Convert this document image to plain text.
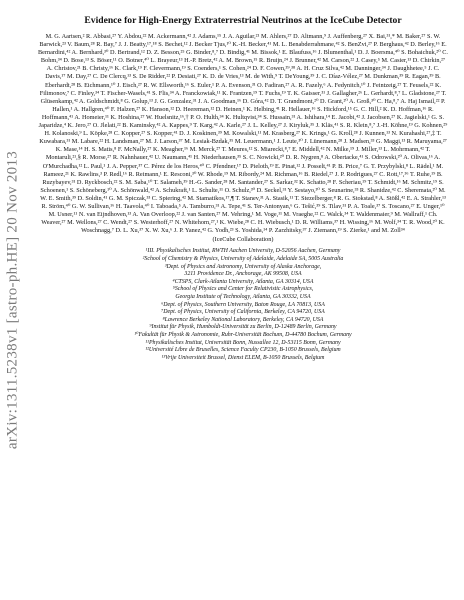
arXiv:1311.5238v1 [astro-ph.HE] 20 Nov 2013
Evidence for High-Energy Extraterrestrial Neutrinos at the IceCube Detector

M. G. Aartsen,² R. Abbasi,²⁷ Y. Abdou,²² M. Ackermann,⁴² J. Adams,¹⁵ J. A. Aguilar,²¹ M. Ahlers,²⁷ D. Altmann,⁹ J. Auffenberg,²⁷ X. Bai,³¹,* M. Baker,²⁷ S. W. Barwick,²³ V. Baum,²⁸ R. Bay,⁷ J. J. Beatty,¹⁷,¹⁸ S. Bechet,¹² J. Becker Tjus,¹⁰ K.-H. Becker,⁴¹ M. L. Benabderrahmane,⁴² S. BenZvi,²⁷ P. Berghaus,⁴² D. Berley,¹⁶ E. Bernardini,⁴² A. Bernhard,³⁰ D. Bertrand,¹² D. Z. Besson,²⁵ G. Binder,⁸,⁷ D. Bindig,⁴¹ M. Bissok,¹ E. Blaufuss,¹⁶ J. Blumenthal,¹ D. J. Boersma,⁴⁰ S. Bohaichuk,²⁰ C. Bohm,³⁴ D. Bose,¹³ S. Böser,¹¹ O. Botner,⁴⁰ L. Brayeur,¹³ H.-P. Bretz,⁴² A. M. Brown,¹⁵ R. Bruijn,²⁴ J. Brunner,⁴² M. Carson,²² J. Casey,⁵ M. Casier,¹³ D. Chirkin,²⁷ A. Christov,²¹ B. Christy,¹⁶ K. Clark,¹⁹ F. Clevermann,¹⁹ S. Coenders,¹ S. Cohen,²⁴ D. F. Cowen,³⁹,³⁸ A. H. Cruz Silva,⁴² M. Danninger,³⁴ J. Daughhetee,⁵ J. C. Davis,¹⁷ M. Day,²⁷ C. De Clercq,¹³ S. De Ridder,²² P. Desiati,²⁷ K. D. de Vries,¹³ M. de With,⁹ T. DeYoung,³⁹ J. C. Díaz-Vélez,²⁷ M. Dunkman,³⁹ R. Eagan,³⁹ B. Eberhardt,²⁸ B. Eichmann,¹⁰ J. Eisch,²⁷ R. W. Ellsworth,¹⁶ S. Euler,¹ P. A. Evenson,³¹ O. Fadiran,²⁷ A. R. Fazely,⁶ A. Fedynitch,¹⁰ J. Feintzeig,²⁷ T. Feusels,²² K. Filimonov,⁷ C. Finley,³⁴ T. Fischer-Wasels,⁴¹ S. Flis,³⁴ A. Franckowiak,¹¹ K. Frantzen,¹⁹ T. Fuchs,¹⁹ T. K. Gaisser,³¹ J. Gallagher,²⁶ L. Gerhardt,⁸,⁷ L. Gladstone,²⁷ T. Glüsenkamp,⁴² A. Goldschmidt,⁸ G. Golup,¹³ J. G. Gonzalez,³¹ J. A. Goodman,¹⁶ D. Góra,⁴² D. T. Grandmont,²⁰ D. Grant,²⁰ A. Groß,³⁰ C. Ha,⁸,⁷ A. Haj Ismail,²² P. Hallen,¹ A. Hallgren,⁴⁰ F. Halzen,²⁷ K. Hanson,¹² D. Heereman,¹² D. Heinen,¹ K. Helbing,⁴¹ R. Hellauer,¹⁶ S. Hickford,¹⁵ G. C. Hill,² K. D. Hoffman,¹⁶ R. Hoffmann,⁴¹ A. Homeier,¹¹ K. Hoshina,²⁷ W. Huelsnitz,¹⁶,† P. O. Hulth,³⁴ K. Hultqvist,³⁴ S. Hussain,³¹ A. Ishihara,¹⁴ E. Jacobi,⁴² J. Jacobsen,²⁷ K. Jagielski,¹ G. S. Japaridze,⁴ K. Jero,²⁷ O. Jlelati,²² B. Kaminsky,⁴² A. Kappes,⁹ T. Karg,⁴² A. Karle,²⁷ J. L. Kelley,²⁷ J. Kiryluk,³⁵ J. Kläs,⁴¹ S. R. Klein,⁸,⁷ J.-H. Köhne,¹⁹ G. Kohnen,²⁹ H. Kolanoski,⁹ L. Köpke,²⁸ C. Kopper,²⁷ S. Kopper,⁴¹ D. J. Koskinen,³⁹ M. Kowalski,¹¹ M. Krasberg,²⁷ K. Krings,¹ G. Kroll,²⁸ J. Kunnen,¹³ N. Kurahashi,²⁷,‡ T. Kuwabara,³¹ M. Labare,²² H. Landsman,²⁷ M. J. Larson,³⁷ M. Lesiak-Bzdak,³⁵ M. Leuermann,¹ J. Leute,³⁰ J. Lünemann,²⁸ J. Madsen,³³ G. Maggi,¹³ R. Maruyama,²⁷ K. Mase,¹⁴ H. S. Matis,⁸ F. McNally,²⁷ K. Meagher,¹⁶ M. Merck,²⁷ T. Meures,¹² S. Miarecki,⁸,⁷ E. Middell,⁴² N. Milke,¹⁹ J. Miller,¹³ L. Mohrmann,⁴² T. Montaruli,²¹,§ R. Morse,²⁷ R. Nahnhauer,⁴² U. Naumann,⁴¹ H. Niederhausen,³⁵ S. C. Nowicki,²⁰ D. R. Nygren,⁸ A. Obertacke,⁴¹ S. Odrowski,²⁰ A. Olivas,¹⁶ A. O'Murchadha,¹² L. Paul,¹ J. A. Pepper,³⁷ C. Pérez de los Heros,⁴⁰ C. Pfendner,¹⁷ D. Pieloth,¹⁹ E. Pinat,¹² J. Posselt,⁴¹ P. B. Price,⁷ G. T. Przybylski,⁸ L. Rädel,¹ M. Rameez,²¹ K. Rawlins,³ P. Redl,¹⁶ R. Reimann,¹ E. Resconi,³⁰ W. Rhode,¹⁹ M. Ribordy,²⁴ M. Richman,¹⁶ B. Riedel,²⁷ J. P. Rodrigues,²⁷ C. Rott,¹⁷,³⁶ T. Ruhe,¹⁹ B. Ruzybayev,³¹ D. Ryckbosch,²² S. M. Saba,¹⁰ T. Salameh,³⁹ H.-G. Sander,²⁸ M. Santander,²⁷ S. Sarkar,³² K. Schatto,²⁸ F. Scheriau,¹⁹ T. Schmidt,¹⁶ M. Schmitz,¹⁹ S. Schoenen,¹ S. Schöneberg,¹⁰ A. Schönwald,⁴² A. Schukraft,¹ L. Schulte,¹¹ O. Schulz,³⁰ D. Seckel,³¹ Y. Sestayo,³⁰ S. Seunarine,³³ R. Shanidze,⁴² C. Sheremata,²⁰ M. W. E. Smith,³⁹ D. Soldin,⁴¹ G. M. Spiczak,³³ C. Spiering,⁴² M. Stamatikos,¹⁷,¶ T. Stanev,³¹ A. Stasik,¹¹ T. Stezelberger,⁸ R. G. Stokstad,⁸ A. Stößl,⁴² E. A. Strahler,¹³ R. Ström,⁴⁰ G. W. Sullivan,¹⁶ H. Taavola,⁴⁰ I. Taboada,⁵ A. Tamburro,³¹ A. Tepe,⁴¹ S. Ter-Antonyan,⁶ G. Tešić,³⁹ S. Tilav,³¹ P. A. Toale,³⁷ S. Toscano,²⁷ E. Unger,¹⁰ M. Usner,¹¹ N. van Eijndhoven,¹³ A. Van Overloop,²² J. van Santen,²⁷ M. Vehring,¹ M. Voge,¹¹ M. Vraeghe,²² C. Walck,³⁴ T. Waldenmaier,⁹ M. Wallraff,¹ Ch. Weaver,²⁷ M. Wellons,²⁷ C. Wendt,²⁷ S. Westerhoff,²⁷ N. Whitehorn,²⁷,¹ K. Wiebe,²⁸ C. H. Wiebusch,¹ D. R. Williams,³⁷ H. Wissing,¹⁶ M. Wolf,³⁴ T. R. Wood,²⁰ K. Woschnagg,⁷ D. L. Xu,³⁷ X. W. Xu,⁶ J. P. Yanez,⁴² G. Yodh,²³ S. Yoshida,¹⁴ P. Zarzhitsky,³⁷ J. Ziemann,¹⁹ S. Zierke,¹ and M. Zoll³⁴

(IceCube Collaboration)

¹III. Physikalisches Institut, RWTH Aachen University, D-52056 Aachen, Germany
²School of Chemistry & Physics, University of Adelaide, Adelaide SA, 5005 Australia
³Dept. of Physics and Astronomy, University of Alaska Anchorage,
3211 Providence Dr., Anchorage, AK 99508, USA
⁴CTSPS, Clark-Atlanta University, Atlanta, GA 30314, USA
⁵School of Physics and Center for Relativistic Astrophysics,
Georgia Institute of Technology, Atlanta, GA 30332, USA
⁶Dept. of Physics, Southern University, Baton Rouge, LA 70813, USA
⁷Dept. of Physics, University of California, Berkeley, CA 94720, USA
⁸Lawrence Berkeley National Laboratory, Berkeley, CA 94720, USA
⁹Institut für Physik, Humboldt-Universität zu Berlin, D-12489 Berlin, Germany
¹⁰Fakultät für Physik & Astronomie, Ruhr-Universität Bochum, D-44780 Bochum, Germany
¹¹Physikalisches Institut, Universität Bonn, Nussallee 12, D-53115 Bonn, Germany
¹²Université Libre de Bruxelles, Science Faculty CP230, B-1050 Brussels, Belgium
¹³Vrije Universiteit Brussel, Dienst ELEM, B-1050 Brussels, Belgium
